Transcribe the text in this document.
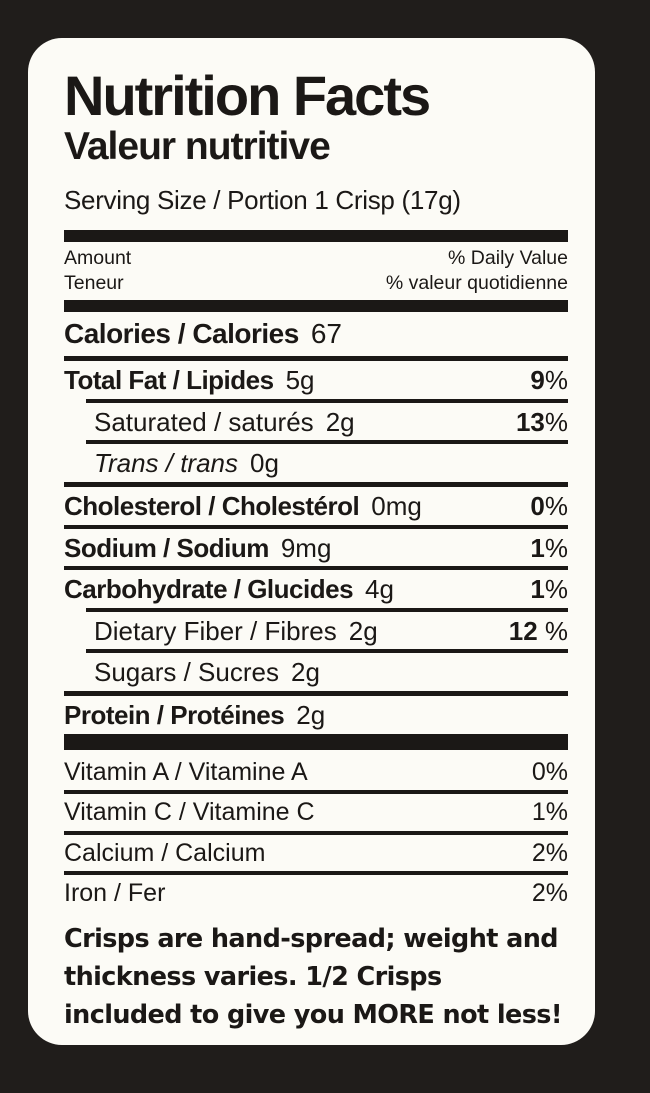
Nutrition Facts
Valeur nutritive
Serving Size / Portion 1 Crisp (17g)
Amount	% Daily Value
Teneur	% valeur quotidienne
Calories / Calories 67
Total Fat / Lipides 5g	9%
Saturated / saturés 2g	13%
Trans / trans 0g
Cholesterol / Cholestérol 0mg	0%
Sodium / Sodium 9mg	1%
Carbohydrate / Glucides 4g	1%
Dietary Fiber / Fibres 2g	12 %
Sugars / Sucres 2g
Protein / Protéines 2g
Vitamin A / Vitamine A	0%
Vitamin C / Vitamine C	1%
Calcium / Calcium	2%
Iron / Fer	2%
Crisps are hand-spread; weight and thickness varies. 1/2 Crisps included to give you MORE not less!
